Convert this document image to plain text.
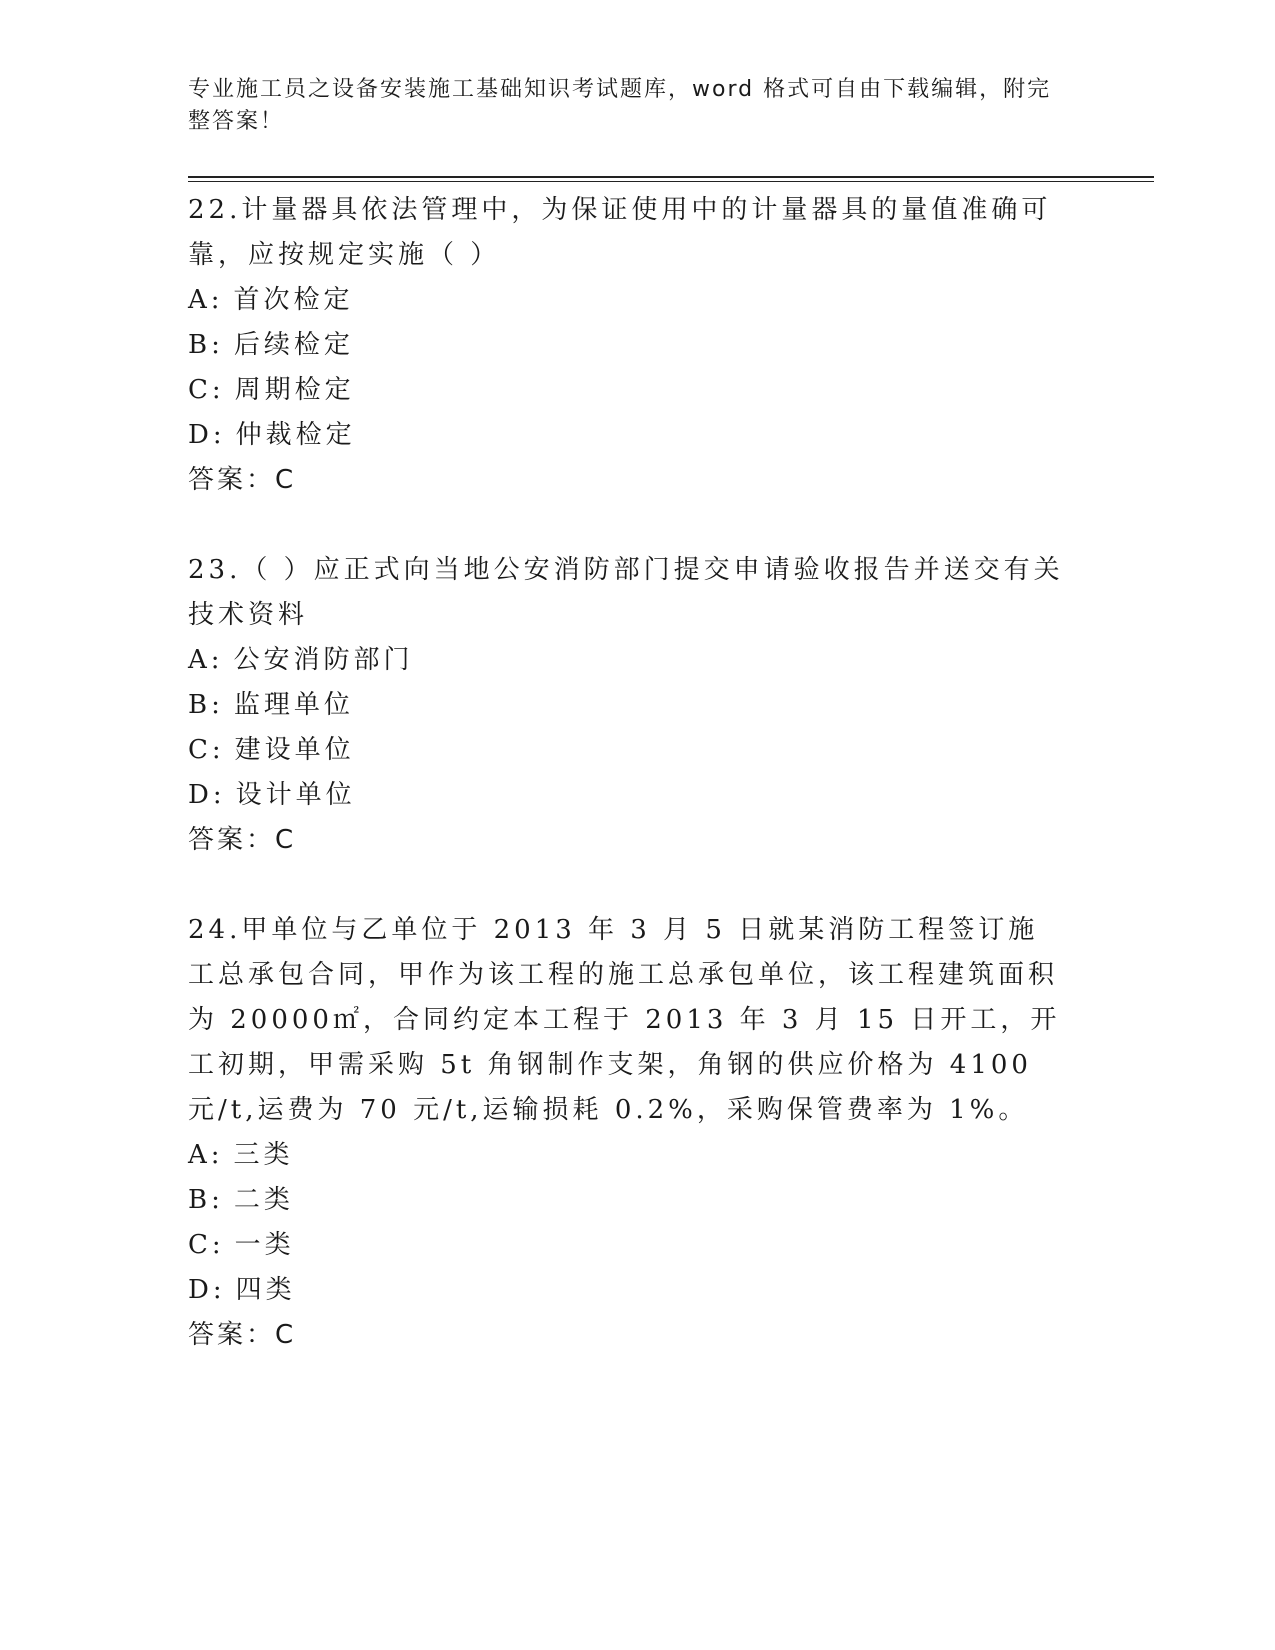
专业施工员之设备安装施工基础知识考试题库，word 格式可自由下载编辑，附完整答案！

22.计量器具依法管理中，为保证使用中的计量器具的量值准确可靠，应按规定实施（ ）

A: 首次检定

B: 后续检定

C: 周期检定

D: 仲裁检定

答案：C

23.（ ）应正式向当地公安消防部门提交申请验收报告并送交有关技术资料

A: 公安消防部门

B: 监理单位

C: 建设单位

D: 设计单位

答案：C

24.甲单位与乙单位于 2013 年 3 月 5 日就某消防工程签订施工总承包合同，甲作为该工程的施工总承包单位，该工程建筑面积为 20000㎡，合同约定本工程于 2013 年 3 月 15 日开工，开工初期，甲需采购 5t 角钢制作支架，角钢的供应价格为 4100 元/t,运费为 70 元/t,运输损耗 0.2%，采购保管费率为 1%。

A: 三类

B: 二类

C: 一类

D: 四类

答案：C
